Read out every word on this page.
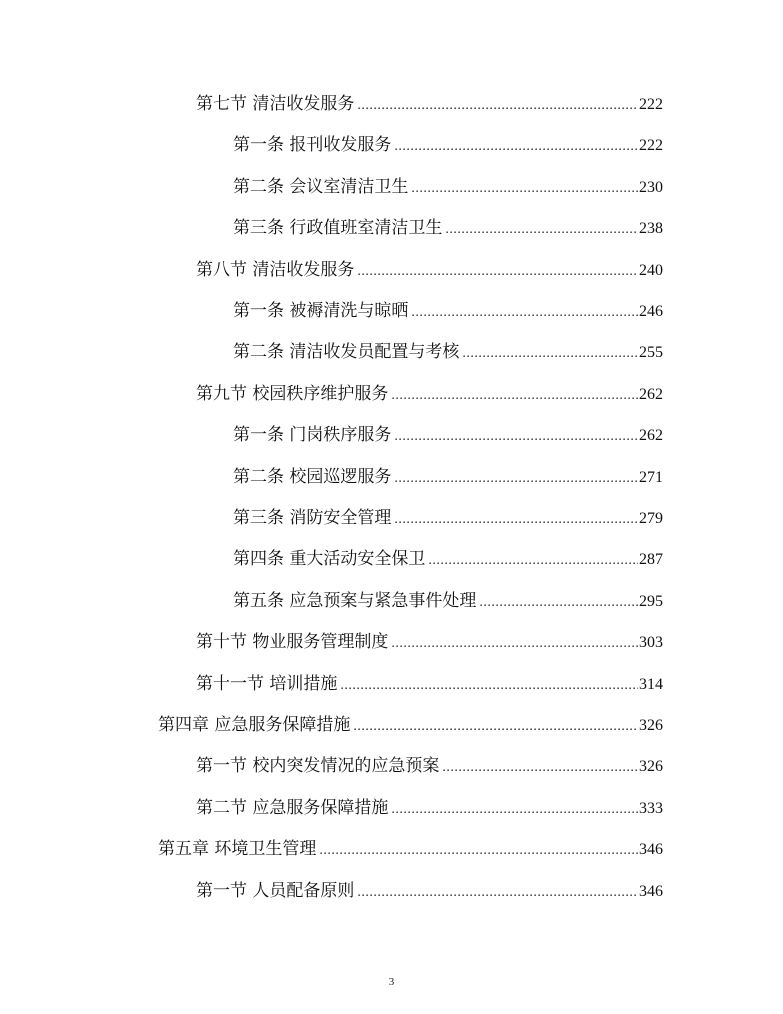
第七节 清洁收发服务 .....	222
第一条 报刊收发服务 .....	222
第二条 会议室清洁卫生 .....	230
第三条 行政值班室清洁卫生 .....	238
第八节 清洁收发服务 .....	240
第一条 被褥清洗与晾晒 .....	246
第二条 清洁收发员配置与考核 .....	255
第九节 校园秩序维护服务 .....	262
第一条 门岗秩序服务 .....	262
第二条 校园巡逻服务 .....	271
第三条 消防安全管理 .....	279
第四条 重大活动安全保卫 .....	287
第五条 应急预案与紧急事件处理 .....	295
第十节 物业服务管理制度 .....	303
第十一节 培训措施 .....	314
第四章 应急服务保障措施 .....	326
第一节 校内突发情况的应急预案 .....	326
第二节 应急服务保障措施 .....	333
第五章 环境卫生管理 .....	346
第一节 人员配备原则 .....	346
3
